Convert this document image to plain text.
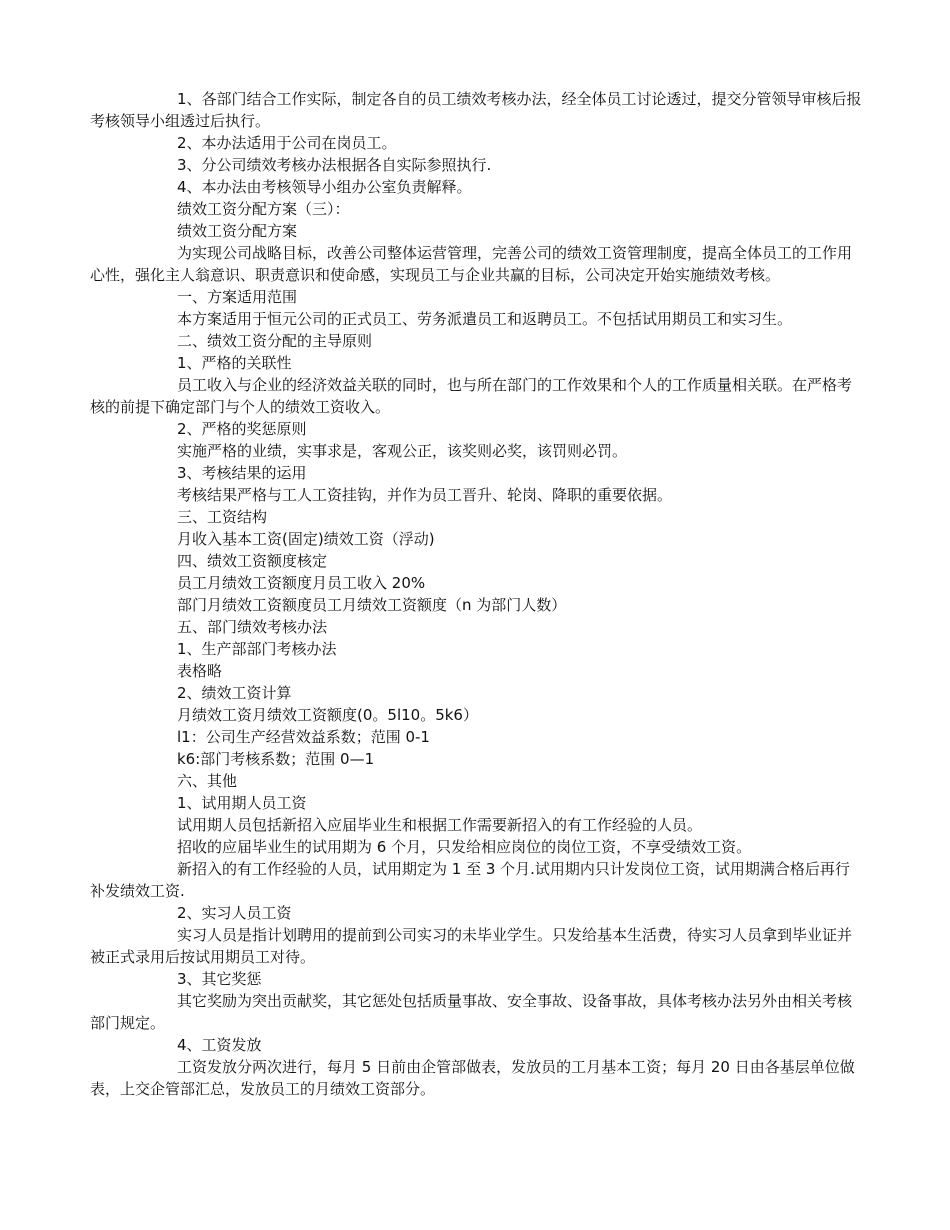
1、各部门结合工作实际，制定各自的员工绩效考核办法，经全体员工讨论透过，提交分管领导审核后报考核领导小组透过后执行。

2、本办法适用于公司在岗员工。

3、分公司绩效考核办法根据各自实际参照执行.

4、本办法由考核领导小组办公室负责解释。

绩效工资分配方案（三）：

绩效工资分配方案

为实现公司战略目标，改善公司整体运营管理，完善公司的绩效工资管理制度，提高全体员工的工作用心性，强化主人翁意识、职责意识和使命感，实现员工与企业共赢的目标，公司决定开始实施绩效考核。

一、方案适用范围

本方案适用于恒元公司的正式员工、劳务派遣员工和返聘员工。不包括试用期员工和实习生。

二、绩效工资分配的主导原则

1、严格的关联性

员工收入与企业的经济效益关联的同时，也与所在部门的工作效果和个人的工作质量相关联。在严格考核的前提下确定部门与个人的绩效工资收入。

2、严格的奖惩原则

实施严格的业绩，实事求是，客观公正，该奖则必奖，该罚则必罚。

3、考核结果的运用

考核结果严格与工人工资挂钩，并作为员工晋升、轮岗、降职的重要依据。

三、工资结构

月收入基本工资(固定)绩效工资（浮动)

四、绩效工资额度核定

员工月绩效工资额度月员工收入 20%

部门月绩效工资额度员工月绩效工资额度（n 为部门人数）

五、部门绩效考核办法

1、生产部部门考核办法

表格略

2、绩效工资计算

月绩效工资月绩效工资额度(0。5l10。5k6）

l1：公司生产经营效益系数；范围 0-1

k6:部门考核系数；范围 0—1

六、其他

1、试用期人员工资

试用期人员包括新招入应届毕业生和根据工作需要新招入的有工作经验的人员。

招收的应届毕业生的试用期为 6 个月，只发给相应岗位的岗位工资，不享受绩效工资。

新招入的有工作经验的人员，试用期定为 1 至 3 个月.试用期内只计发岗位工资，试用期满合格后再行补发绩效工资.

2、实习人员工资

实习人员是指计划聘用的提前到公司实习的未毕业学生。只发给基本生活费，待实习人员拿到毕业证并被正式录用后按试用期员工对待。

3、其它奖惩

其它奖励为突出贡献奖，其它惩处包括质量事故、安全事故、设备事故，具体考核办法另外由相关考核部门规定。

4、工资发放

工资发放分两次进行，每月 5 日前由企管部做表，发放员的工月基本工资；每月 20 日由各基层单位做表，上交企管部汇总，发放员工的月绩效工资部分。
